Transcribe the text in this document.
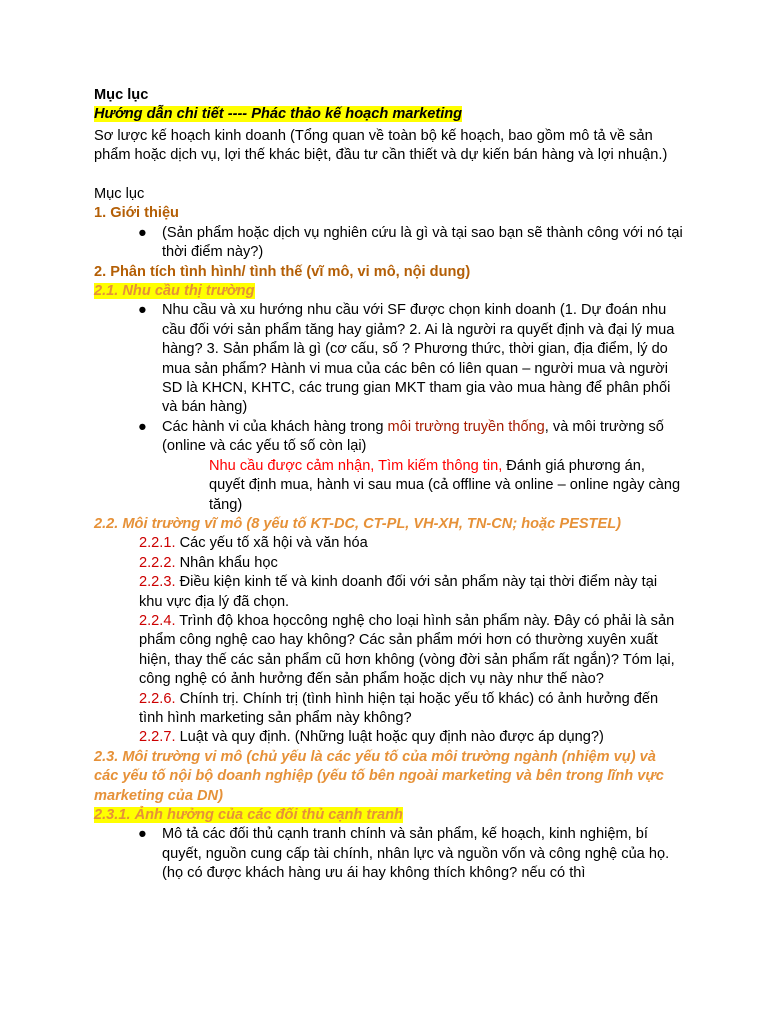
Mục lục

Hướng dẫn chi tiết ---- Phác thảo kế hoạch marketing

Sơ lược kế hoạch kinh doanh (Tổng quan về toàn bộ kế hoạch, bao gồm mô tả về sản phẩm hoặc dịch vụ, lợi thế khác biệt, đầu tư cần thiết và dự kiến bán hàng và lợi nhuận.)

Mục lục

1. Giới thiệu

● (Sản phẩm hoặc dịch vụ nghiên cứu là gì và tại sao bạn sẽ thành công với nó tại thời điểm này?)

2. Phân tích tình hình/ tình thế (vĩ mô, vi mô, nội dung)

2.1. Nhu cầu thị trường

● Nhu cầu và xu hướng nhu cầu với SF được chọn kinh doanh (1. Dự đoán nhu cầu đối với sản phẩm tăng hay giảm? 2. Ai là người ra quyết định và đại lý mua hàng? 3. Sản phẩm là gì (cơ cấu, số ? Phương thức, thời gian, địa điểm, lý do mua sản phẩm? Hành vi mua của các bên có liên quan – người mua và người SD là KHCN, KHTC, các trung gian MKT tham gia vào mua hàng để phân phối và bán hàng)
● Các hành vi của khách hàng trong môi trường truyền thống, và môi trường số (online và các yếu tố số còn lại)
Nhu cầu được cảm nhận, Tìm kiếm thông tin, Đánh giá phương án, quyết định mua, hành vi sau mua (cả offline và online – online ngày càng tăng)

2.2. Môi trường vĩ mô (8 yếu tố KT-DC, CT-PL, VH-XH, TN-CN; hoặc PESTEL)

2.2.1. Các yếu tố xã hội và văn hóa

2.2.2. Nhân khẩu học

2.2.3. Điều kiện kinh tế và kinh doanh đối với sản phẩm này tại thời điểm này tại khu vực địa lý đã chọn.

2.2.4. Trình độ khoa họccông nghệ cho loại hình sản phẩm này. Đây có phải là sản phẩm công nghệ cao hay không? Các sản phẩm mới hơn có thường xuyên xuất hiện, thay thế các sản phẩm cũ hơn không (vòng đời sản phẩm rất ngắn)? Tóm lại, công nghệ có ảnh hưởng đến sản phẩm hoặc dịch vụ này như thế nào?

2.2.6. Chính trị. Chính trị (tình hình hiện tại hoặc yếu tố khác) có ảnh hưởng đến tình hình marketing sản phẩm này không?

2.2.7. Luật và quy định. (Những luật hoặc quy định nào được áp dụng?)

2.3. Môi trường vi mô (chủ yếu là các yếu tố của môi trường ngành (nhiệm vụ) và các yếu tố nội bộ doanh nghiệp (yếu tố bên ngoài marketing và bên trong lĩnh vực marketing của DN)

2.3.1. Ảnh hưởng của các đối thủ cạnh tranh

● Mô tả các đối thủ cạnh tranh chính và sản phẩm, kế hoạch, kinh nghiệm, bí quyết, nguồn cung cấp tài chính, nhân lực và nguồn vốn và công nghệ của họ. (họ có được khách hàng ưu ái hay không thích không? nếu có thì
